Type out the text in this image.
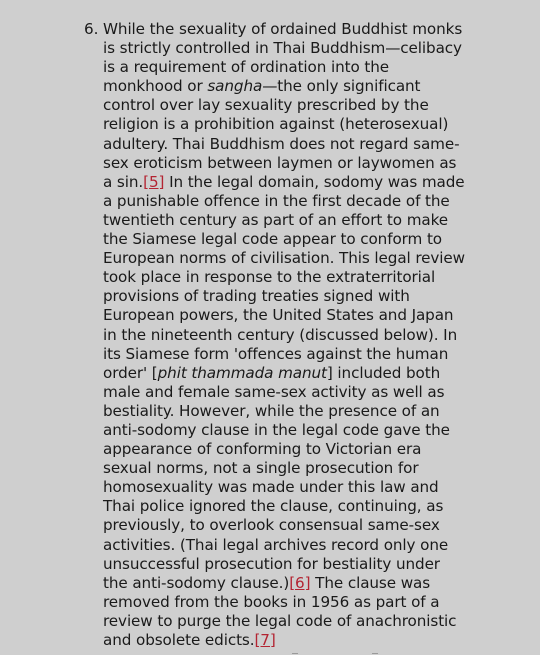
6. While the sexuality of ordained Buddhist monks is strictly controlled in Thai Buddhism—celibacy is a requirement of ordination into the monkhood or sangha—the only significant control over lay sexuality prescribed by the religion is a prohibition against (heterosexual) adultery. Thai Buddhism does not regard same-sex eroticism between laymen or laywomen as a sin.[5] In the legal domain, sodomy was made a punishable offence in the first decade of the twentieth century as part of an effort to make the Siamese legal code appear to conform to European norms of civilisation. This legal review took place in response to the extraterritorial provisions of trading treaties signed with European powers, the United States and Japan in the nineteenth century (discussed below). In its Siamese form 'offences against the human order' [phit thammada manut] included both male and female same-sex activity as well as bestiality. However, while the presence of an anti-sodomy clause in the legal code gave the appearance of conforming to Victorian era sexual norms, not a single prosecution for homosexuality was made under this law and Thai police ignored the clause, continuing, as previously, to overlook consensual same-sex activities. (Thai legal archives record only one unsuccessful prosecution for bestiality under the anti-sodomy clause.)[6] The clause was removed from the books in 1956 as part of a review to purge the legal code of anachronistic and obsolete edicts.[7]
